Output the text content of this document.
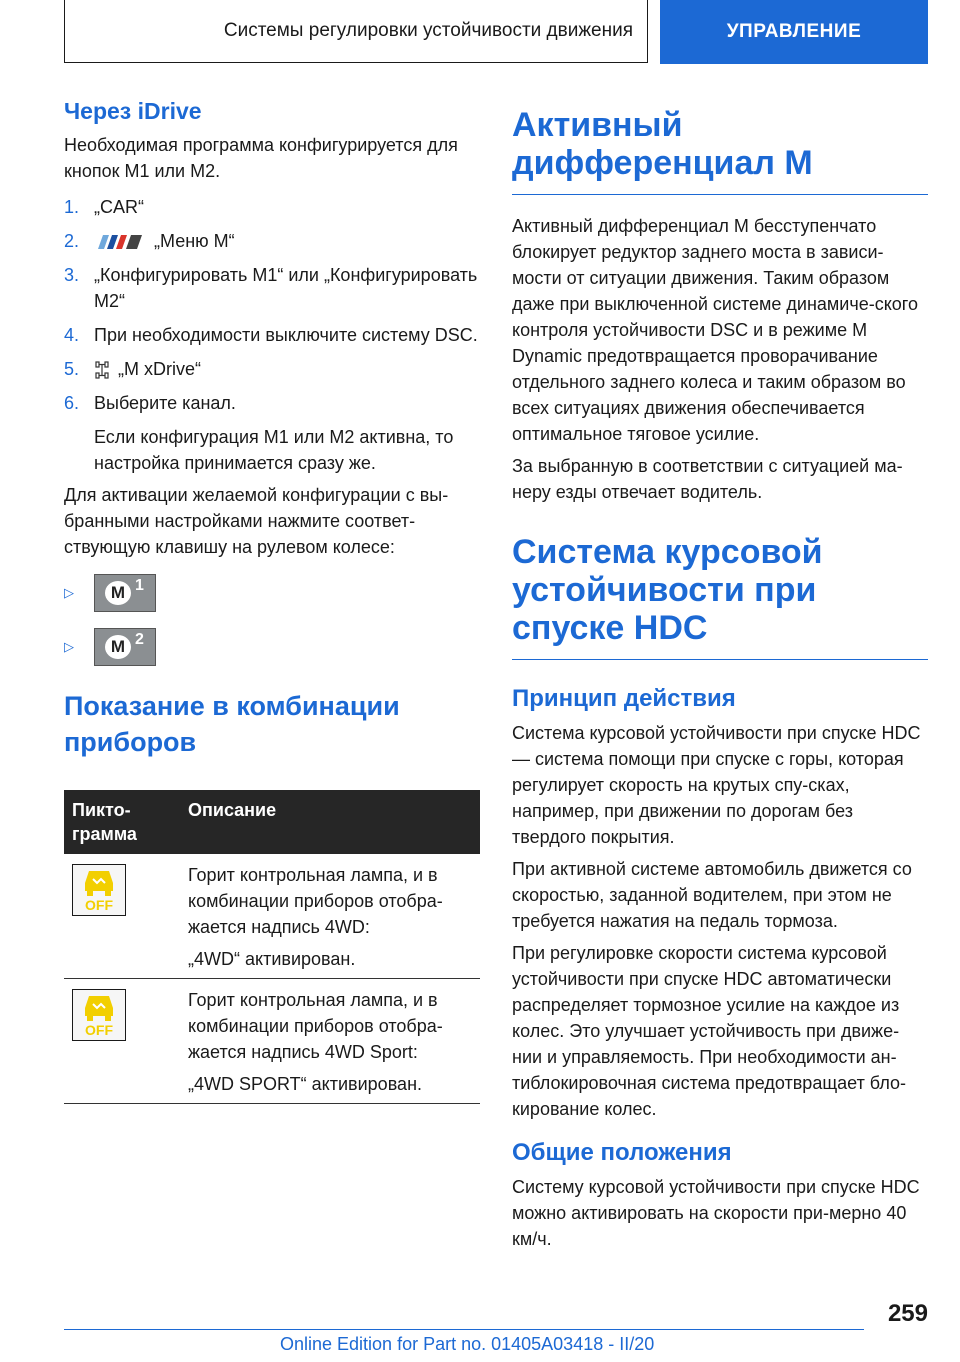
Системы регулировки устойчивости движения	УПРАВЛЕНИЕ
Через iDrive

Необходимая программа конфигурируется для кнопок M1 или M2.

1. „CAR“
2.	„Меню M“
3. „Конфигурировать M1“ или „Конфигурировать M2“
4. При необходимости выключите систему DSC.
5.	„M xDrive“
6. Выберите канал.

Если конфигурация M1 или M2 активна, то настройка принимается сразу же.

Для активации желаемой конфигурации с вы-бранными настройками нажмите соответ-ствующую клавишу на рулевом колесе:

▷	M 1
▷	M 2
Показание в комбинации приборов
Пикто-грамма	Описание

OFF	Горит контрольная лампа, и в комбинации приборов отобра-жается надпись 4WD:
„4WD“ активирован.

OFF	Горит контрольная лампа, и в комбинации приборов отобра-жается надпись 4WD Sport:
„4WD SPORT“ активирован.
Активный дифференциал M

Активный дифференциал M бесступенчато блокирует редуктор заднего моста в зависи-мости от ситуации движения. Таким образом даже при выключенной системе динамиче-ского контроля устойчивости DSC и в режиме M Dynamic предотвращается проворачивание отдельного заднего колеса и таким образом во всех ситуациях движения обеспечивается оптимальное тяговое усилие.

За выбранную в соответствии с ситуацией ма-неру езды отвечает водитель.

Система курсовой устойчивости при спуске HDC
Принцип действия

Система курсовой устойчивости при спуске HDC — система помощи при спуске с горы, которая регулирует скорость на крутых спу-сках, например, при движении по дорогам без твердого покрытия.

При активной системе автомобиль движется со скоростью, заданной водителем, при этом не требуется нажатия на педаль тормоза.

При регулировке скорости система курсовой устойчивости при спуске HDC автоматически распределяет тормозное усилие на каждое из колес. Это улучшает устойчивость при движе-нии и управляемость. При необходимости ан-тиблокировочная система предотвращает бло-кирование колес.

Общие положения

Систему курсовой устойчивости при спуске HDC можно активировать на скорости при-мерно 40 км/ч.

259
Online Edition for Part no. 01405A03418 - II/20
